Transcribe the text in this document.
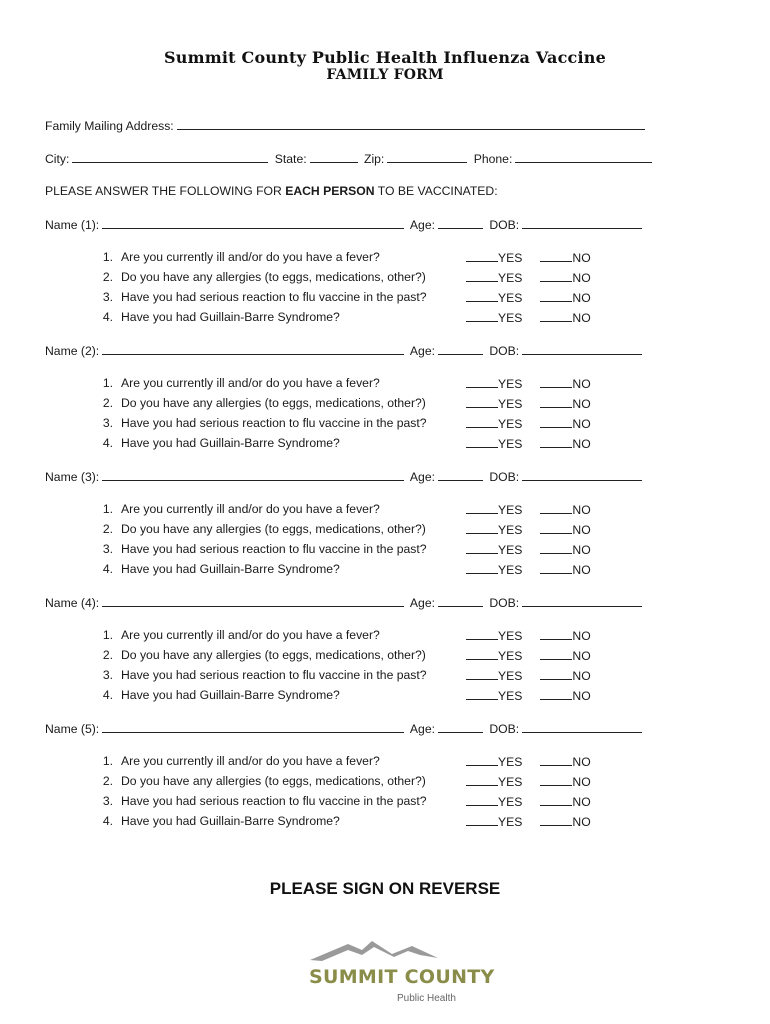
Summit County Public Health Influenza Vaccine
FAMILY FORM
Family Mailing Address:
City:	State:	Zip:	Phone:
PLEASE ANSWER THE FOLLOWING FOR EACH PERSON TO BE VACCINATED:
Name (1):	Age:	DOB:
1. Are you currently ill and/or do you have a fever?	YES	NO
2. Do you have any allergies (to eggs, medications, other?)	YES	NO
3. Have you had serious reaction to flu vaccine in the past?	YES	NO
4. Have you had Guillain-Barre Syndrome?	YES	NO
Name (2):	Age:	DOB:
1. Are you currently ill and/or do you have a fever?	YES	NO
2. Do you have any allergies (to eggs, medications, other?)	YES	NO
3. Have you had serious reaction to flu vaccine in the past?	YES	NO
4. Have you had Guillain-Barre Syndrome?	YES	NO
Name (3):	Age:	DOB:
1. Are you currently ill and/or do you have a fever?	YES	NO
2. Do you have any allergies (to eggs, medications, other?)	YES	NO
3. Have you had serious reaction to flu vaccine in the past?	YES	NO
4. Have you had Guillain-Barre Syndrome?	YES	NO
Name (4):	Age:	DOB:
1. Are you currently ill and/or do you have a fever?	YES	NO
2. Do you have any allergies (to eggs, medications, other?)	YES	NO
3. Have you had serious reaction to flu vaccine in the past?	YES	NO
4. Have you had Guillain-Barre Syndrome?	YES	NO
Name (5):	Age:	DOB:
1. Are you currently ill and/or do you have a fever?	YES	NO
2. Do you have any allergies (to eggs, medications, other?)	YES	NO
3. Have you had serious reaction to flu vaccine in the past?	YES	NO
4. Have you had Guillain-Barre Syndrome?	YES	NO
PLEASE SIGN ON REVERSE
SUMMIT COUNTY
Public Health
